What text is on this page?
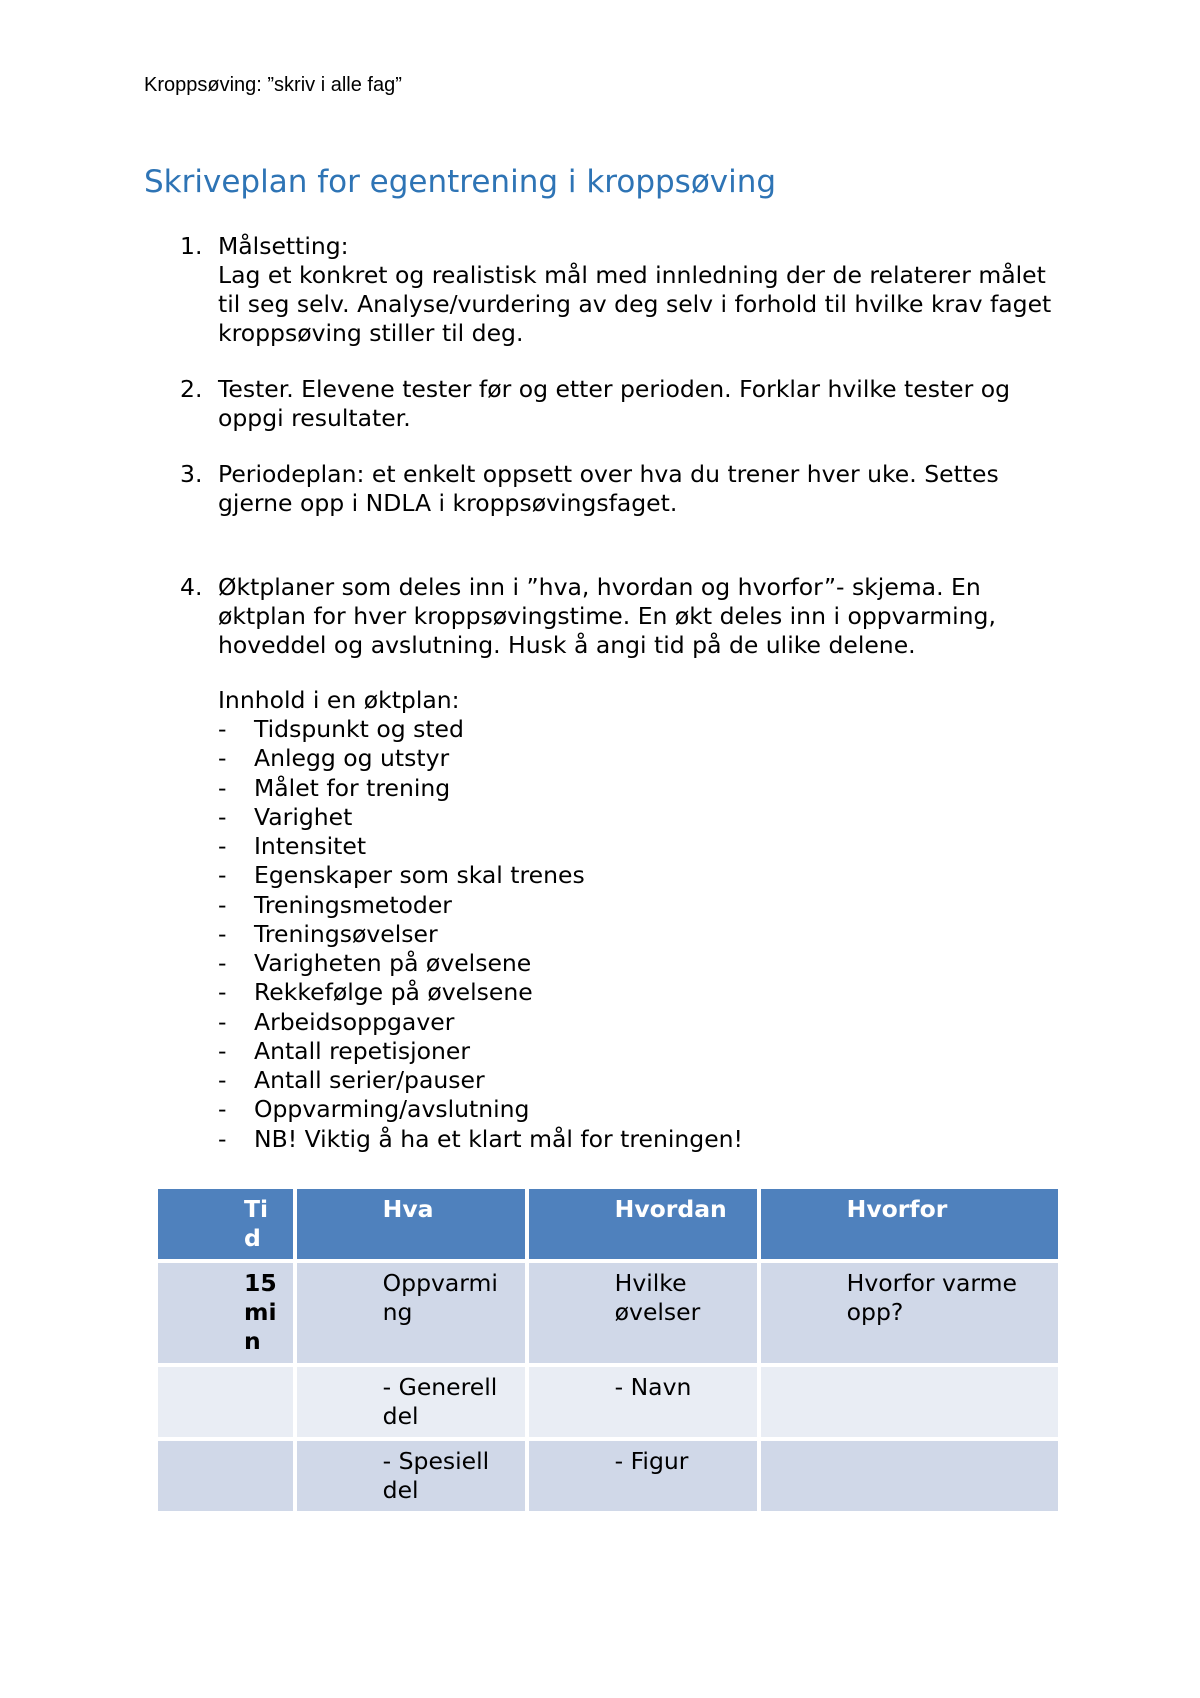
Kroppsøving: ”skriv i alle fag”
Skriveplan for egentrening i kroppsøving
1. Målsetting:
Lag et konkret og realistisk mål med innledning der de relaterer målet til seg selv. Analyse/vurdering av deg selv i forhold til hvilke krav faget kroppsøving stiller til deg.
2. Tester. Elevene tester før og etter perioden. Forklar hvilke tester og oppgi resultater.
3. Periodeplan: et enkelt oppsett over hva du trener hver uke. Settes gjerne opp i NDLA i kroppsøvingsfaget.
4. Øktplaner som deles inn i ”hva, hvordan og hvorfor”- skjema. En øktplan for hver kroppsøvingstime. En økt deles inn i oppvarming, hoveddel og avslutning. Husk å angi tid på de ulike delene.
Innhold i en øktplan:
- Tidspunkt og sted
- Anlegg og utstyr
- Målet for trening
- Varighet
- Intensitet
- Egenskaper som skal trenes
- Treningsmetoder
- Treningsøvelser
- Varigheten på øvelsene
- Rekkefølge på øvelsene
- Arbeidsoppgaver
- Antall repetisjoner
- Antall serier/pauser
- Oppvarming/avslutning
- NB! Viktig å ha et klart mål for treningen!
Tid	Hva	Hvordan	Hvorfor
15 min	Oppvarming	Hvilke øvelser	Hvorfor varme opp?
	- Generell del	- Navn	
	- Spesiell del	- Figur	
